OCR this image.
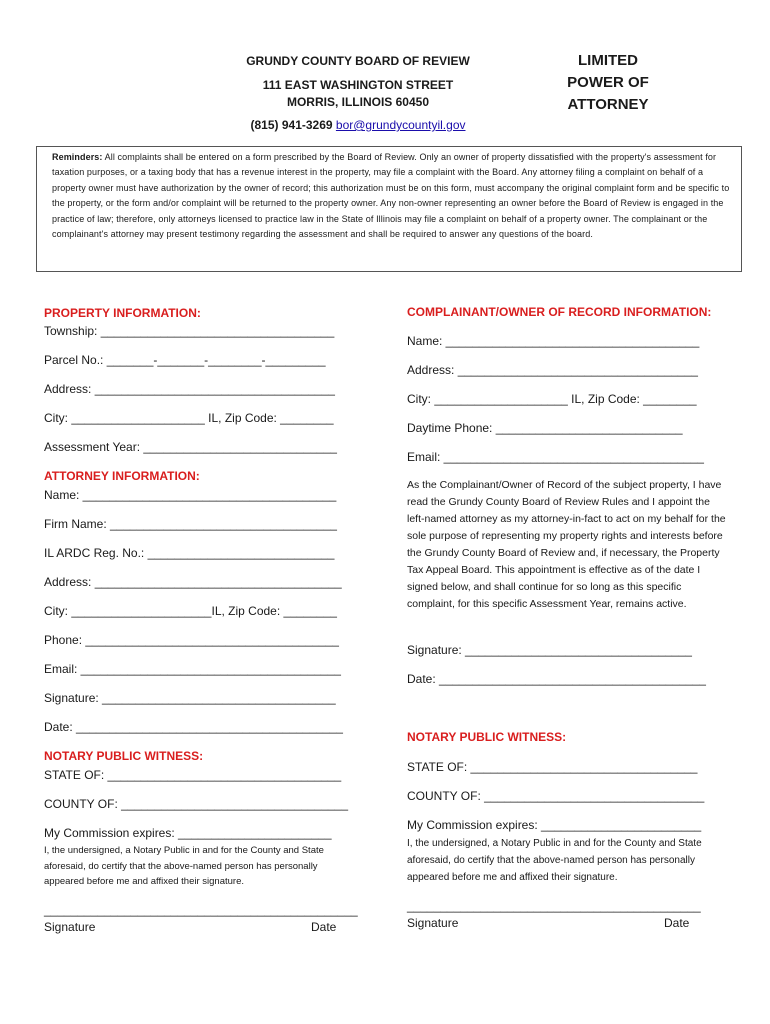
GRUNDY COUNTY BOARD OF REVIEW
111 EAST WASHINGTON STREET
MORRIS, ILLINOIS 60450
(815) 941-3269 bor@grundycountyil.gov
LIMITED
POWER OF
ATTORNEY
Reminders: All complaints shall be entered on a form prescribed by the Board of Review. Only an owner of property dissatisfied with the property's assessment for taxation purposes, or a taxing body that has a revenue interest in the property, may file a complaint with the Board. Any attorney filing a complaint on behalf of a property owner must have authorization by the owner of record; this authorization must be on this form, must accompany the original complaint form and be specific to the property, or the form and/or complaint will be returned to the property owner. Any non-owner representing an owner before the Board of Review is engaged in the practice of law; therefore, only attorneys licensed to practice law in the State of Illinois may file a complaint on behalf of a property owner. The complainant or the complainant's attorney may present testimony regarding the assessment and shall be required to answer any questions of the board.
PROPERTY INFORMATION:
Township: ___________________________________
Parcel No.: _______-_______-________-_________
Address: ____________________________________
City: ____________________ IL, Zip Code: ________
Assessment Year: _____________________________
ATTORNEY INFORMATION:
Name: ______________________________________
Firm Name: __________________________________
IL ARDC Reg. No.: ____________________________
Address: _____________________________________
City: _____________________IL, Zip Code: ________
Phone: ______________________________________
Email: _______________________________________
Signature: ___________________________________
Date: ________________________________________
NOTARY PUBLIC WITNESS:
STATE OF: ___________________________________
COUNTY OF: __________________________________
My Commission expires: _______________________
I, the undersigned, a Notary Public in and for the County and State aforesaid, do certify that the above-named person has personally appeared before me and affixed their signature.
_______________________________________________
Signature	Date
COMPLAINANT/OWNER OF RECORD INFORMATION:
Name: ______________________________________
Address: ____________________________________
City: ____________________ IL, Zip Code: ________
Daytime Phone: ____________________________
Email: _______________________________________
As the Complainant/Owner of Record of the subject property, I have read the Grundy County Board of Review Rules and I appoint the left-named attorney as my attorney-in-fact to act on my behalf for the sole purpose of representing my property rights and interests before the Grundy County Board of Review and, if necessary, the Property Tax Appeal Board. This appointment is effective as of the date I signed below, and shall continue for so long as this specific complaint, for this specific Assessment Year, remains active.
Signature: __________________________________
Date: ________________________________________
NOTARY PUBLIC WITNESS:
STATE OF: __________________________________
COUNTY OF: _________________________________
My Commission expires: ________________________
I, the undersigned, a Notary Public in and for the County and State aforesaid, do certify that the above-named person has personally appeared before me and affixed their signature.
____________________________________________
Signature	Date
